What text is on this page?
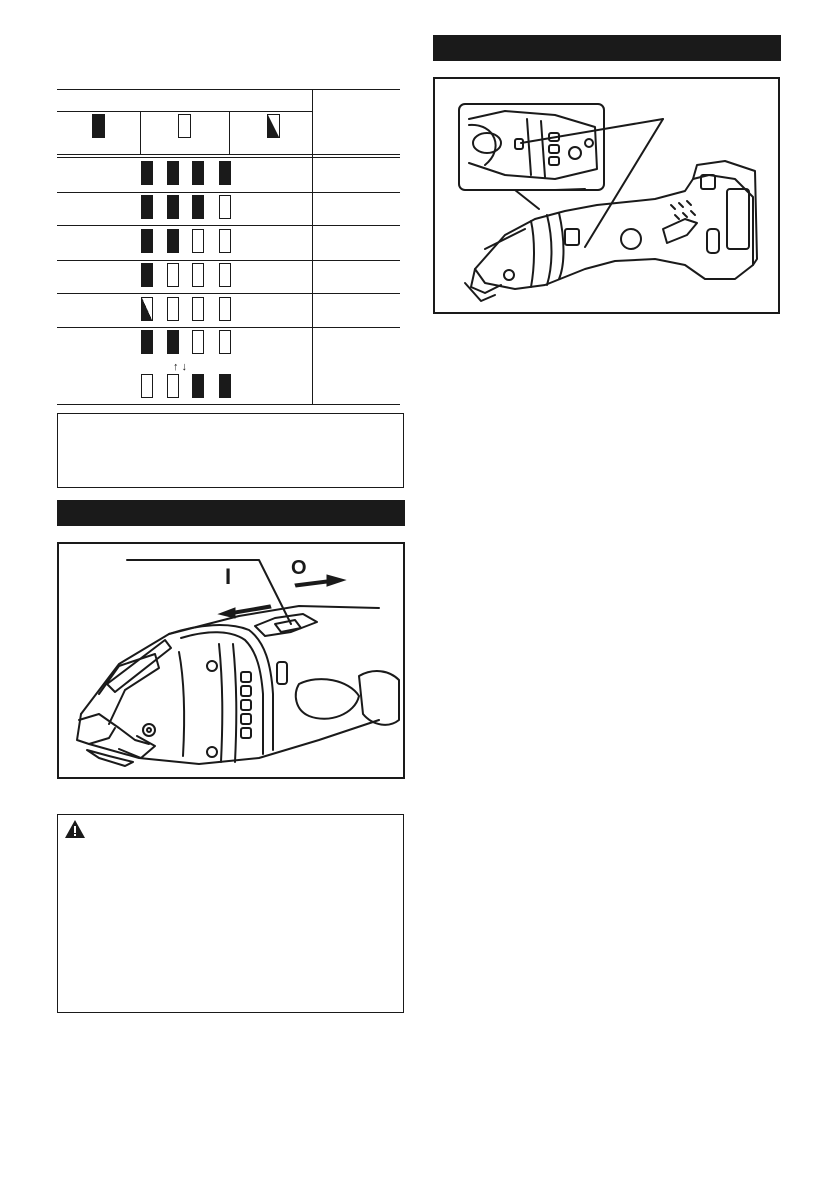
↑ ↓
I	O
